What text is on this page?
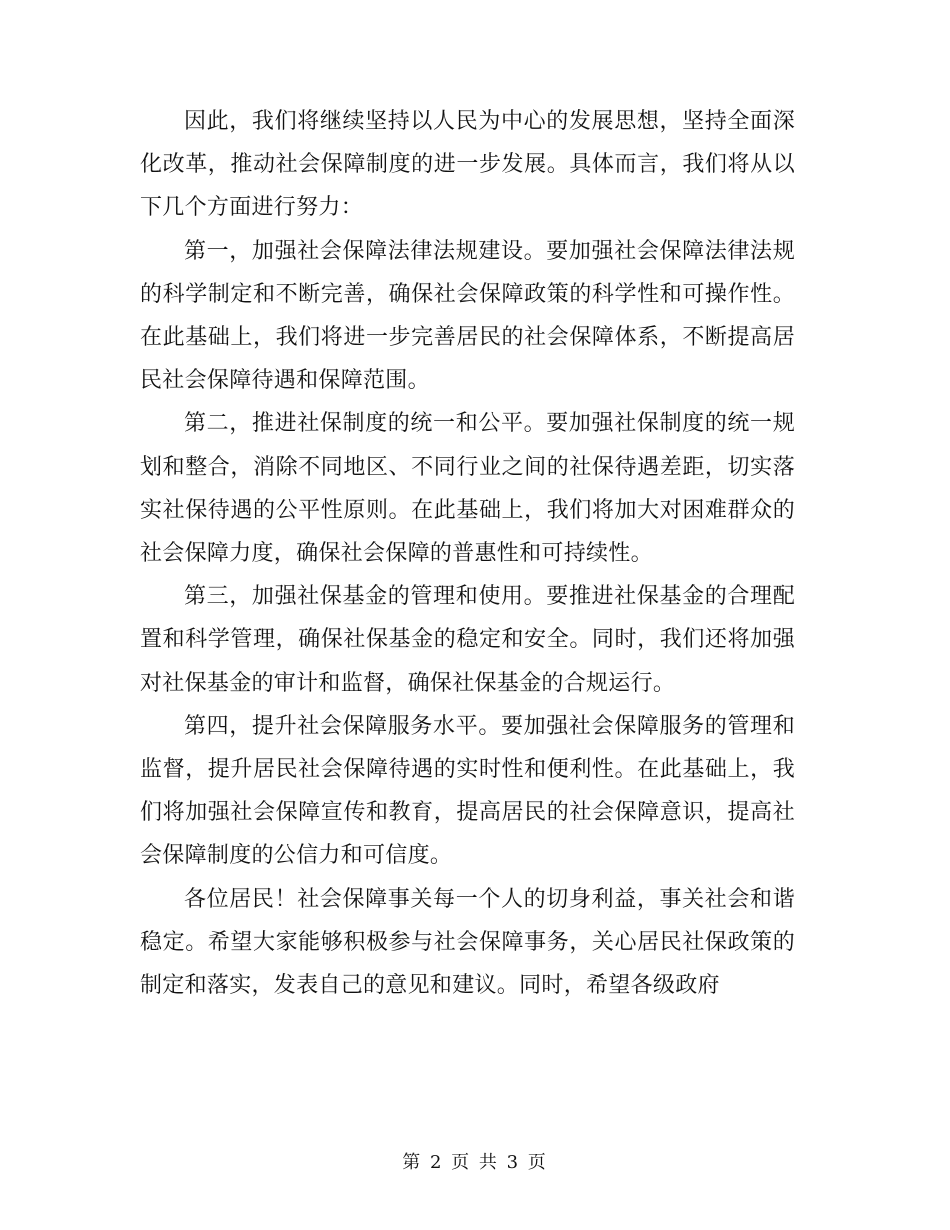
因此，我们将继续坚持以人民为中心的发展思想，坚持全面深化改革，推动社会保障制度的进一步发展。具体而言，我们将从以下几个方面进行努力：

第一，加强社会保障法律法规建设。要加强社会保障法律法规的科学制定和不断完善，确保社会保障政策的科学性和可操作性。在此基础上，我们将进一步完善居民的社会保障体系，不断提高居民社会保障待遇和保障范围。

第二，推进社保制度的统一和公平。要加强社保制度的统一规划和整合，消除不同地区、不同行业之间的社保待遇差距，切实落实社保待遇的公平性原则。在此基础上，我们将加大对困难群众的社会保障力度，确保社会保障的普惠性和可持续性。

第三，加强社保基金的管理和使用。要推进社保基金的合理配置和科学管理，确保社保基金的稳定和安全。同时，我们还将加强对社保基金的审计和监督，确保社保基金的合规运行。

第四，提升社会保障服务水平。要加强社会保障服务的管理和监督，提升居民社会保障待遇的实时性和便利性。在此基础上，我们将加强社会保障宣传和教育，提高居民的社会保障意识，提高社会保障制度的公信力和可信度。

各位居民！社会保障事关每一个人的切身利益，事关社会和谐稳定。希望大家能够积极参与社会保障事务，关心居民社保政策的制定和落实，发表自己的意见和建议。同时，希望各级政府

第 2 页 共 3 页
